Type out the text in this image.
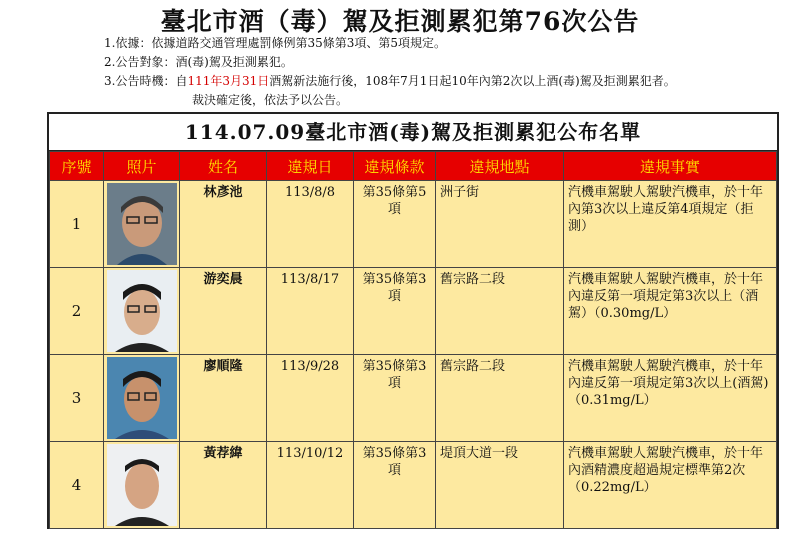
臺北市酒（毒）駕及拒測累犯第76次公告
1.依據：依據道路交通管理處罰條例第35條第3項、第5項規定。
2.公告對象：酒(毒)駕及拒測累犯。
3.公告時機：自111年3月31日酒駕新法施行後，108年7月1日起10年內第2次以上酒(毒)駕及拒測累犯者。
裁決確定後，依法予以公告。
114.07.09臺北市酒(毒)駕及拒測累犯公布名單
序號	照片	姓名	違規日	違規條款	違規地點	違規事實
1		林彥池	113/8/8	第35條第5項	洲子街	汽機車駕駛人駕駛汽機車，於十年內第3次以上違反第4項規定（拒測）
2		游奕晨	113/8/17	第35條第3項	舊宗路二段	汽機車駕駛人駕駛汽機車，於十年內違反第一項規定第3次以上（酒駕）（0.30mg/L）
3		廖順隆	113/9/28	第35條第3項	舊宗路二段	汽機車駕駛人駕駛汽機車，於十年內違反第一項規定第3次以上(酒駕)（0.31mg/L）
4		黃荐緯	113/10/12	第35條第3項	堤頂大道一段	汽機車駕駛人駕駛汽機車，於十年內酒精濃度超過規定標準第2次（0.22mg/L）
